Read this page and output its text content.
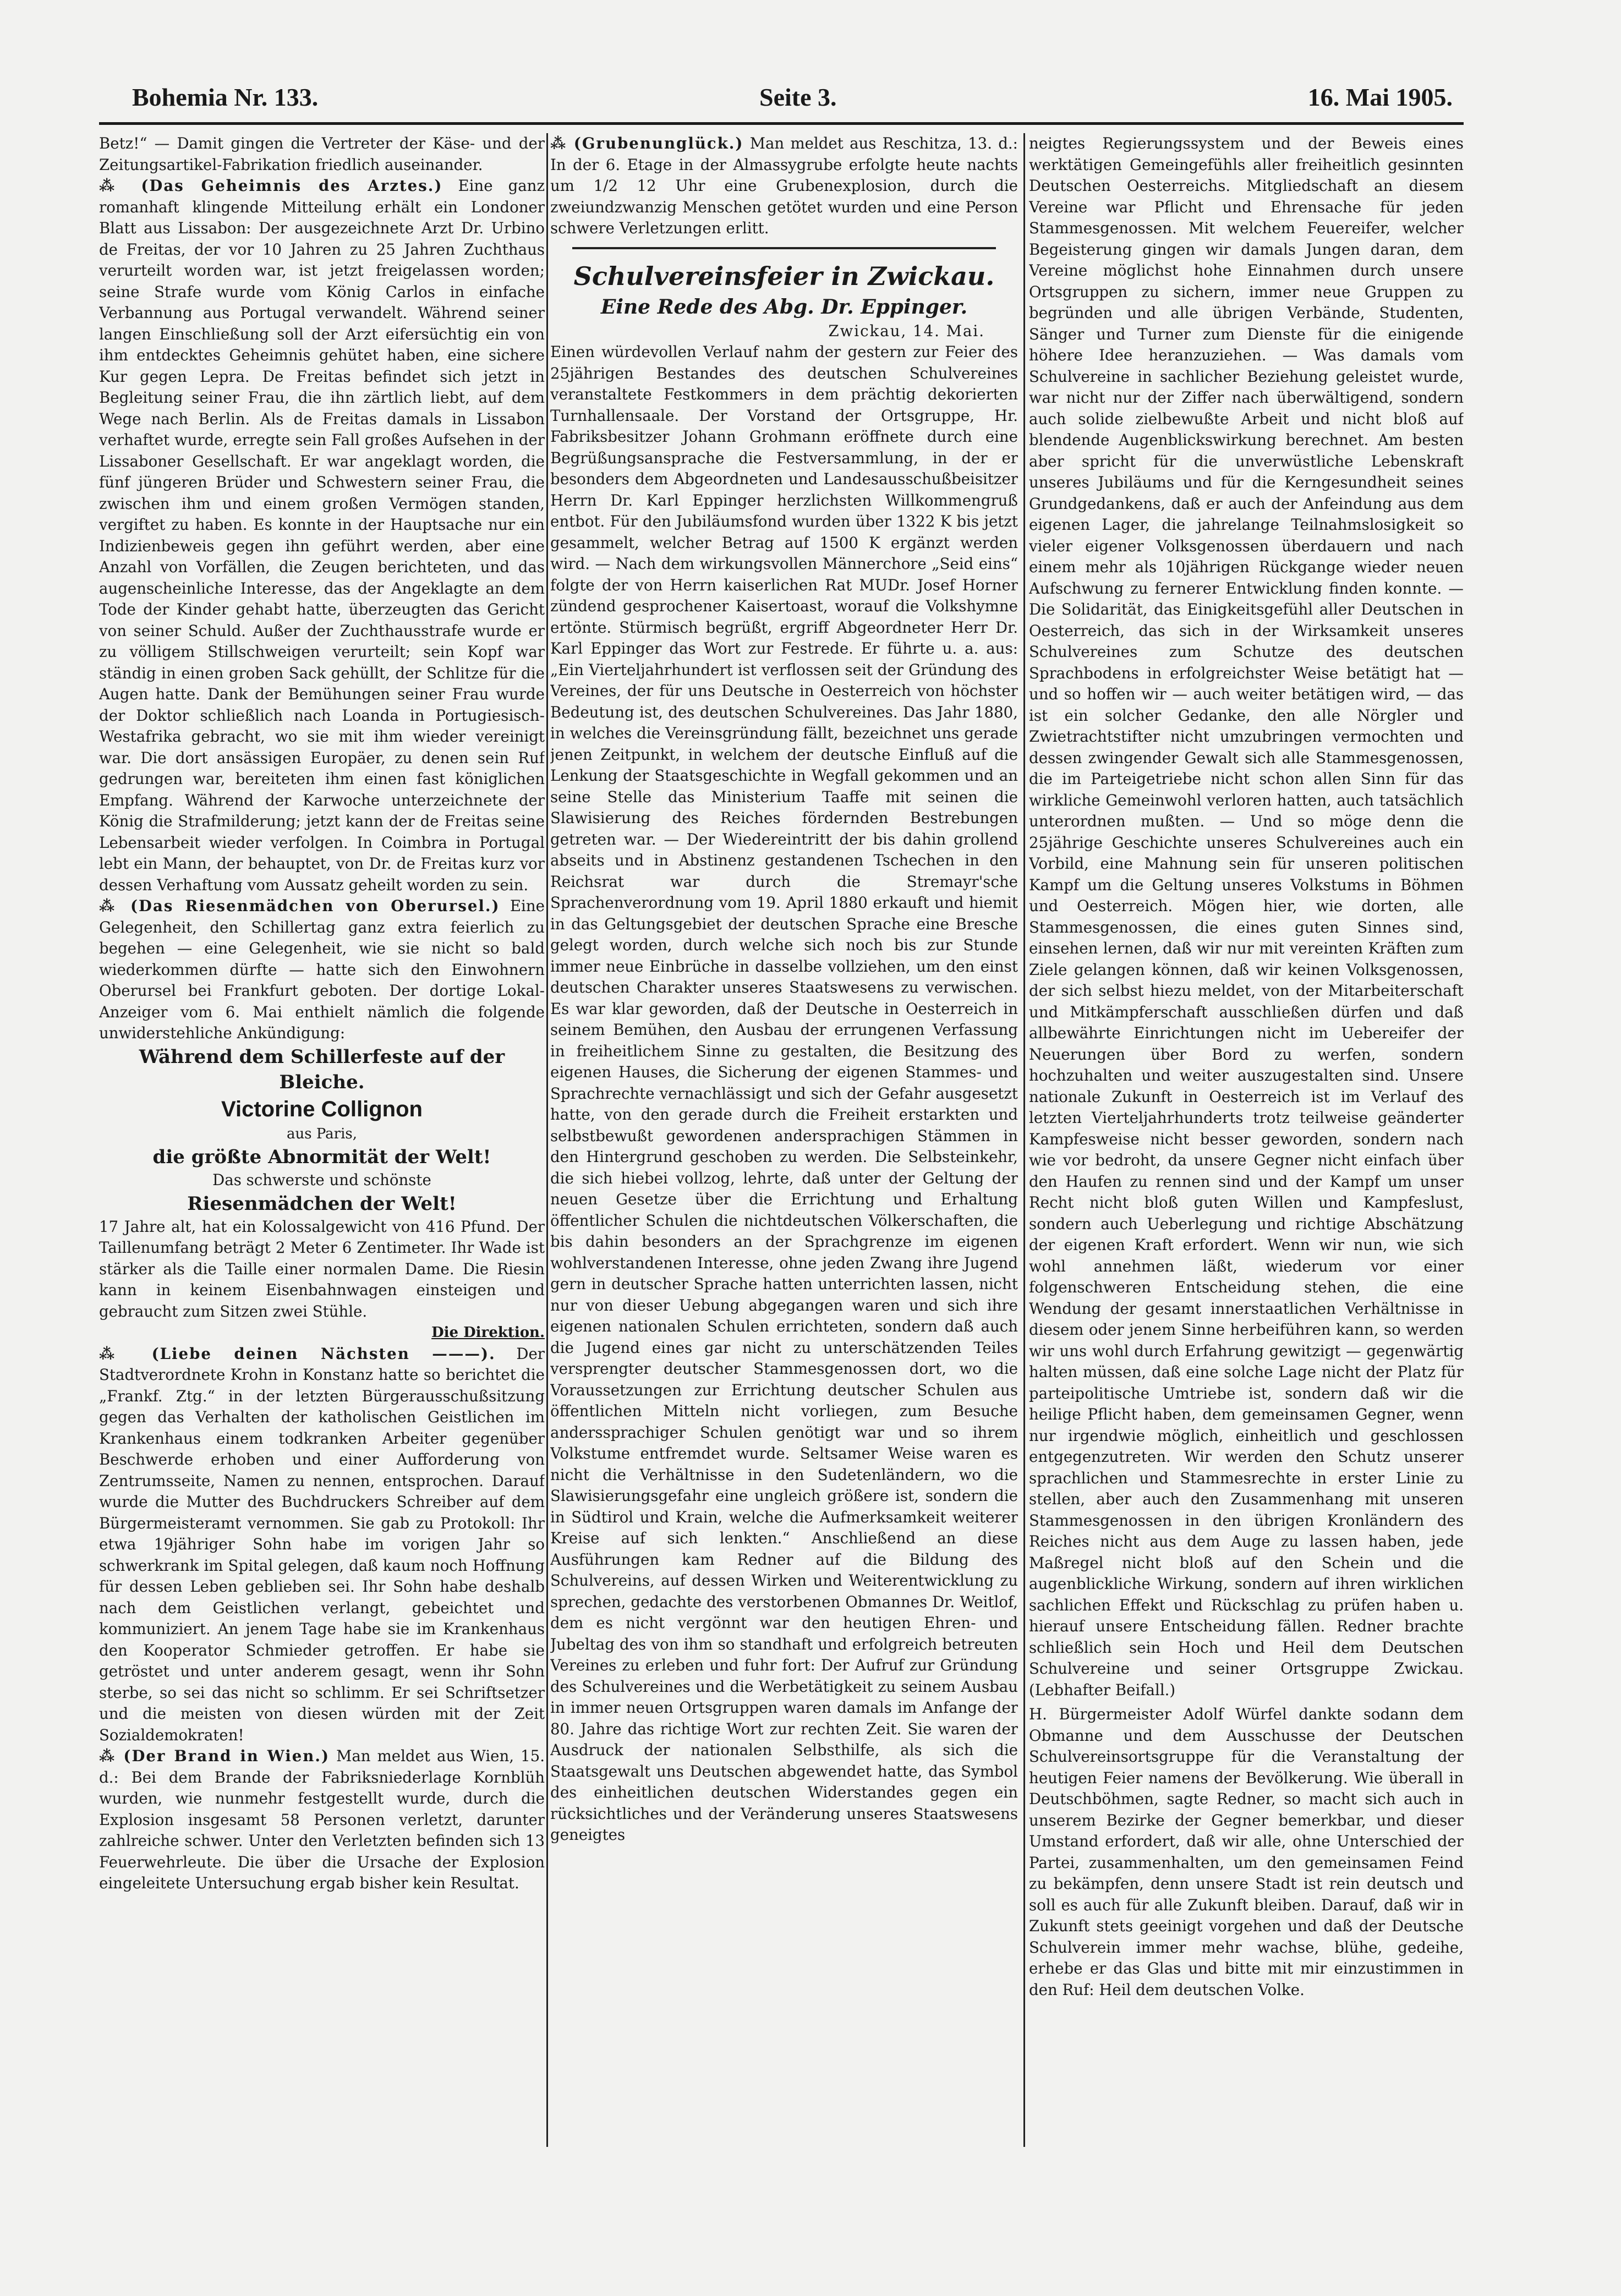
Bohemia Nr. 133.	Seite 3.	16. Mai 1905.

Betz!“ — Damit gingen die Vertreter der Käse- und der Zeitungsartikel-Fabrikation friedlich auseinander.

⁂ (Das Geheimnis des Arztes.) Eine ganz romanhaft klingende Mitteilung erhält ein Londoner Blatt aus Lissabon: Der ausgezeichnete Arzt Dr. Urbino de Freitas, der vor 10 Jahren zu 25 Jahren Zuchthaus verurteilt worden war, ist jetzt freigelassen worden; seine Strafe wurde vom König Carlos in einfache Verbannung aus Portugal verwandelt. Während seiner langen Einschließung soll der Arzt eifersüchtig ein von ihm entdecktes Geheimnis gehütet haben, eine sichere Kur gegen Lepra. De Freitas befindet sich jetzt in Begleitung seiner Frau, die ihn zärtlich liebt, auf dem Wege nach Berlin. Als de Freitas damals in Lissabon verhaftet wurde, erregte sein Fall großes Aufsehen in der Lissaboner Gesellschaft. Er war angeklagt worden, die fünf jüngeren Brüder und Schwestern seiner Frau, die zwischen ihm und einem großen Vermögen standen, vergiftet zu haben. Es konnte in der Hauptsache nur ein Indizienbeweis gegen ihn geführt werden, aber eine Anzahl von Vorfällen, die Zeugen berichteten, und das augenscheinliche Interesse, das der Angeklagte an dem Tode der Kinder gehabt hatte, überzeugten das Gericht von seiner Schuld. Außer der Zuchthausstrafe wurde er zu völligem Stillschweigen verurteilt; sein Kopf war ständig in einen groben Sack gehüllt, der Schlitze für die Augen hatte. Dank der Bemühungen seiner Frau wurde der Doktor schließlich nach Loanda in Portugiesisch-Westafrika gebracht, wo sie mit ihm wieder vereinigt war. Die dort ansässigen Europäer, zu denen sein Ruf gedrungen war, bereiteten ihm einen fast königlichen Empfang. Während der Karwoche unterzeichnete der König die Strafmilderung; jetzt kann der de Freitas seine Lebensarbeit wieder verfolgen. In Coimbra in Portugal lebt ein Mann, der behauptet, von Dr. de Freitas kurz vor dessen Verhaftung vom Aussatz geheilt worden zu sein.

⁂ (Das Riesenmädchen von Oberursel.) Eine Gelegenheit, den Schillertag ganz extra feierlich zu begehen — eine Gelegenheit, wie sie nicht so bald wiederkommen dürfte — hatte sich den Einwohnern Oberursel bei Frankfurt geboten. Der dortige Lokal-Anzeiger vom 6. Mai enthielt nämlich die folgende unwiderstehliche Ankündigung:

Während dem Schillerfeste auf der Bleiche.
Victorine Collignon
aus Paris,
die größte Abnormität der Welt!
Das schwerste und schönste
Riesenmädchen der Welt!

17 Jahre alt, hat ein Kolossalgewicht von 416 Pfund. Der Taillenumfang beträgt 2 Meter 6 Zentimeter. Ihr Wade ist stärker als die Taille einer normalen Dame. Die Riesin kann in keinem Eisenbahnwagen einsteigen und gebraucht zum Sitzen zwei Stühle.

Die Direktion.

⁂ (Liebe deinen Nächsten ———). Der Stadtverordnete Krohn in Konstanz hatte so berichtet die „Frankf. Ztg.“ in der letzten Bürgerausschußsitzung gegen das Verhalten der katholischen Geistlichen im Krankenhaus einem todkranken Arbeiter gegenüber Beschwerde erhoben und einer Aufforderung von Zentrumsseite, Namen zu nennen, entsprochen. Darauf wurde die Mutter des Buchdruckers Schreiber auf dem Bürgermeisteramt vernommen. Sie gab zu Protokoll: Ihr etwa 19jähriger Sohn habe im vorigen Jahr so schwerkrank im Spital gelegen, daß kaum noch Hoffnung für dessen Leben geblieben sei. Ihr Sohn habe deshalb nach dem Geistlichen verlangt, gebeichtet und kommuniziert. An jenem Tage habe sie im Krankenhaus den Kooperator Schmieder getroffen. Er habe sie getröstet und unter anderem gesagt, wenn ihr Sohn sterbe, so sei das nicht so schlimm. Er sei Schriftsetzer und die meisten von diesen würden mit der Zeit Sozialdemokraten!

⁂ (Der Brand in Wien.) Man meldet aus Wien, 15. d.: Bei dem Brande der Fabriksniederlage Kornblüh wurden, wie nunmehr festgestellt wurde, durch die Explosion insgesamt 58 Personen verletzt, darunter zahlreiche schwer. Unter den Verletzten befinden sich 13 Feuerwehrleute. Die über die Ursache der Explosion eingeleitete Untersuchung ergab bisher kein Resultat.

⁂ (Grubenunglück.) Man meldet aus Reschitza, 13. d.: In der 6. Etage in der Almassygrube erfolgte heute nachts um 1/2 12 Uhr eine Grubenexplosion, durch die zweiundzwanzig Menschen getötet wurden und eine Person schwere Verletzungen erlitt.

Schulvereinsfeier in Zwickau.
Eine Rede des Abg. Dr. Eppinger.
Zwickau, 14. Mai.

Einen würdevollen Verlauf nahm der gestern zur Feier des 25jährigen Bestandes des deutschen Schulvereines veranstaltete Festkommers in dem prächtig dekorierten Turnhallensaale. Der Vorstand der Ortsgruppe, Hr. Fabriksbesitzer Johann Grohmann eröffnete durch eine Begrüßungsansprache die Festversammlung, in der er besonders dem Abgeordneten und Landesausschußbeisitzer Herrn Dr. Karl Eppinger herzlichsten Willkommengruß entbot. Für den Jubiläumsfond wurden über 1322 K bis jetzt gesammelt, welcher Betrag auf 1500 K ergänzt werden wird. — Nach dem wirkungsvollen Männerchore „Seid eins“ folgte der von Herrn kaiserlichen Rat MUDr. Josef Horner zündend gesprochener Kaisertoast, worauf die Volkshymne ertönte. Stürmisch begrüßt, ergriff Abgeordneter Herr Dr. Karl Eppinger das Wort zur Festrede. Er führte u. a. aus: „Ein Vierteljahrhundert ist verflossen seit der Gründung des Vereines, der für uns Deutsche in Oesterreich von höchster Bedeutung ist, des deutschen Schulvereines. Das Jahr 1880, in welches die Vereinsgründung fällt, bezeichnet uns gerade jenen Zeitpunkt, in welchem der deutsche Einfluß auf die Lenkung der Staatsgeschichte in Wegfall gekommen und an seine Stelle das Ministerium Taaffe mit seinen die Slawisierung des Reiches fördernden Bestrebungen getreten war. — Der Wiedereintritt der bis dahin grollend abseits und in Abstinenz gestandenen Tschechen in den Reichsrat war durch die Stremayr'sche Sprachenverordnung vom 19. April 1880 erkauft und hiemit in das Geltungsgebiet der deutschen Sprache eine Bresche gelegt worden, durch welche sich noch bis zur Stunde immer neue Einbrüche in dasselbe vollziehen, um den einst deutschen Charakter unseres Staatswesens zu verwischen. Es war klar geworden, daß der Deutsche in Oesterreich in seinem Bemühen, den Ausbau der errungenen Verfassung in freiheitlichem Sinne zu gestalten, die Besitzung des eigenen Hauses, die Sicherung der eigenen Stammes- und Sprachrechte vernachlässigt und sich der Gefahr ausgesetzt hatte, von den gerade durch die Freiheit erstarkten und selbstbewußt gewordenen andersprachigen Stämmen in den Hintergrund geschoben zu werden. Die Selbsteinkehr, die sich hiebei vollzog, lehrte, daß unter der Geltung der neuen Gesetze über die Errichtung und Erhaltung öffentlicher Schulen die nichtdeutschen Völkerschaften, die bis dahin besonders an der Sprachgrenze im eigenen wohlverstandenen Interesse, ohne jeden Zwang ihre Jugend gern in deutscher Sprache hatten unterrichten lassen, nicht nur von dieser Uebung abgegangen waren und sich ihre eigenen nationalen Schulen errichteten, sondern daß auch die Jugend eines gar nicht zu unterschätzenden Teiles versprengter deutscher Stammesgenossen dort, wo die Voraussetzungen zur Errichtung deutscher Schulen aus öffentlichen Mitteln nicht vorliegen, zum Besuche anderssprachiger Schulen genötigt war und so ihrem Volkstume entfremdet wurde. Seltsamer Weise waren es nicht die Verhältnisse in den Sudetenländern, wo die Slawisierungsgefahr eine ungleich größere ist, sondern die in Südtirol und Krain, welche die Aufmerksamkeit weiterer Kreise auf sich lenkten.“ Anschließend an diese Ausführungen kam Redner auf die Bildung des Schulvereins, auf dessen Wirken und Weiterentwicklung zu sprechen, gedachte des verstorbenen Obmannes Dr. Weitlof, dem es nicht vergönnt war den heutigen Ehren- und Jubeltag des von ihm so standhaft und erfolgreich betreuten Vereines zu erleben und fuhr fort: Der Aufruf zur Gründung des Schulvereines und die Werbetätigkeit zu seinem Ausbau in immer neuen Ortsgruppen waren damals im Anfange der 80. Jahre das richtige Wort zur rechten Zeit. Sie waren der Ausdruck der nationalen Selbsthilfe, als sich die Staatsgewalt uns Deutschen abgewendet hatte, das Symbol des einheitlichen deutschen Widerstandes gegen ein rücksichtliches und der Veränderung unseres Staatswesens geneigtes

neigtes Regierungssystem und der Beweis eines werktätigen Gemeingefühls aller freiheitlich gesinnten Deutschen Oesterreichs. Mitgliedschaft an diesem Vereine war Pflicht und Ehrensache für jeden Stammesgenossen. Mit welchem Feuereifer, welcher Begeisterung gingen wir damals Jungen daran, dem Vereine möglichst hohe Einnahmen durch unsere Ortsgruppen zu sichern, immer neue Gruppen zu begründen und alle übrigen Verbände, Studenten, Sänger und Turner zum Dienste für die einigende höhere Idee heranzuziehen. — Was damals vom Schulvereine in sachlicher Beziehung geleistet wurde, war nicht nur der Ziffer nach überwältigend, sondern auch solide zielbewußte Arbeit und nicht bloß auf blendende Augenblickswirkung berechnet. Am besten aber spricht für die unverwüstliche Lebenskraft unseres Jubiläums und für die Kerngesundheit seines Grundgedankens, daß er auch der Anfeindung aus dem eigenen Lager, die jahrelange Teilnahmslosigkeit so vieler eigener Volksgenossen überdauern und nach einem mehr als 10jährigen Rückgange wieder neuen Aufschwung zu fernerer Entwicklung finden konnte. — Die Solidarität, das Einigkeitsgefühl aller Deutschen in Oesterreich, das sich in der Wirksamkeit unseres Schulvereines zum Schutze des deutschen Sprachbodens in erfolgreichster Weise betätigt hat — und so hoffen wir — auch weiter betätigen wird, — das ist ein solcher Gedanke, den alle Nörgler und Zwietrachtstifter nicht umzubringen vermochten und dessen zwingender Gewalt sich alle Stammesgenossen, die im Parteigetriebe nicht schon allen Sinn für das wirkliche Gemeinwohl verloren hatten, auch tatsächlich unterordnen mußten. — Und so möge denn die 25jährige Geschichte unseres Schulvereines auch ein Vorbild, eine Mahnung sein für unseren politischen Kampf um die Geltung unseres Volkstums in Böhmen und Oesterreich. Mögen hier, wie dorten, alle Stammesgenossen, die eines guten Sinnes sind, einsehen lernen, daß wir nur mit vereinten Kräften zum Ziele gelangen können, daß wir keinen Volksgenossen, der sich selbst hiezu meldet, von der Mitarbeiterschaft und Mitkämpferschaft ausschließen dürfen und daß allbewährte Einrichtungen nicht im Uebereifer der Neuerungen über Bord zu werfen, sondern hochzuhalten und weiter auszugestalten sind. Unsere nationale Zukunft in Oesterreich ist im Verlauf des letzten Vierteljahrhunderts trotz teilweise geänderter Kampfesweise nicht besser geworden, sondern nach wie vor bedroht, da unsere Gegner nicht einfach über den Haufen zu rennen sind und der Kampf um unser Recht nicht bloß guten Willen und Kampfeslust, sondern auch Ueberlegung und richtige Abschätzung der eigenen Kraft erfordert. Wenn wir nun, wie sich wohl annehmen läßt, wiederum vor einer folgenschweren Entscheidung stehen, die eine Wendung der gesamt innerstaatlichen Verhältnisse in diesem oder jenem Sinne herbeiführen kann, so werden wir uns wohl durch Erfahrung gewitzigt — gegenwärtig halten müssen, daß eine solche Lage nicht der Platz für parteipolitische Umtriebe ist, sondern daß wir die heilige Pflicht haben, dem gemeinsamen Gegner, wenn nur irgendwie möglich, einheitlich und geschlossen entgegenzutreten. Wir werden den Schutz unserer sprachlichen und Stammesrechte in erster Linie zu stellen, aber auch den Zusammenhang mit unseren Stammesgenossen in den übrigen Kronländern des Reiches nicht aus dem Auge zu lassen haben, jede Maßregel nicht bloß auf den Schein und die augenblickliche Wirkung, sondern auf ihren wirklichen sachlichen Effekt und Rückschlag zu prüfen haben u. hierauf unsere Entscheidung fällen. Redner brachte schließlich sein Hoch und Heil dem Deutschen Schulvereine und seiner Ortsgruppe Zwickau. (Lebhafter Beifall.)

H. Bürgermeister Adolf Würfel dankte sodann dem Obmanne und dem Ausschusse der Deutschen Schulvereinsortsgruppe für die Veranstaltung der heutigen Feier namens der Bevölkerung. Wie überall in Deutschböhmen, sagte Redner, so macht sich auch in unserem Bezirke der Gegner bemerkbar, und dieser Umstand erfordert, daß wir alle, ohne Unterschied der Partei, zusammenhalten, um den gemeinsamen Feind zu bekämpfen, denn unsere Stadt ist rein deutsch und soll es auch für alle Zukunft bleiben. Darauf, daß wir in Zukunft stets geeinigt vorgehen und daß der Deutsche Schulverein immer mehr wachse, blühe, gedeihe, erhebe er das Glas und bitte mit mir einzustimmen in den Ruf: Heil dem deutschen Volke.
